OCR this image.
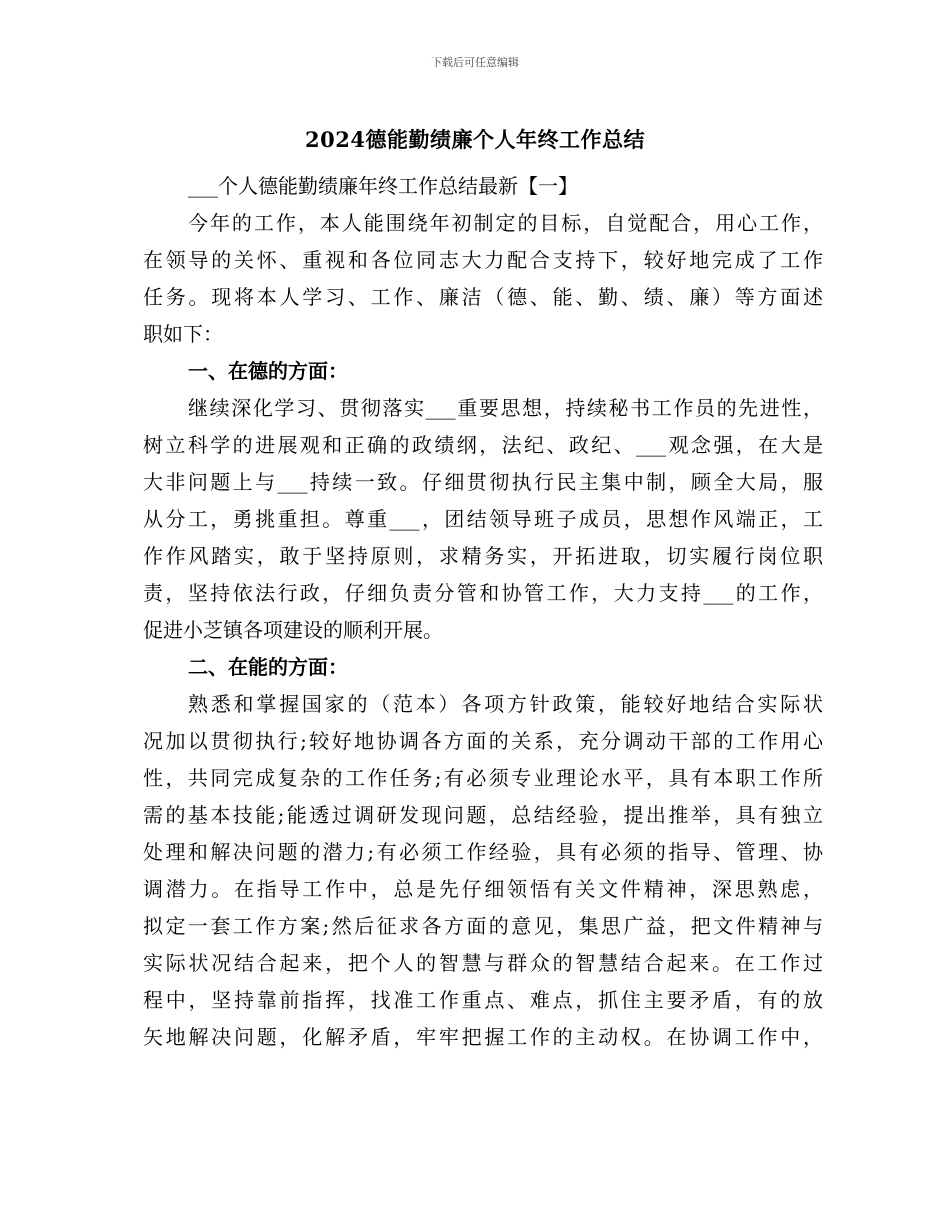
下载后可任意编辑
2024德能勤绩廉个人年终工作总结
___个人德能勤绩廉年终工作总结最新【一】
今年的工作，本人能围绕年初制定的目标，自觉配合，用心工作，
在领导的关怀、重视和各位同志大力配合支持下，较好地完成了工作
任务。现将本人学习、工作、廉洁（德、能、勤、绩、廉）等方面述
职如下：
一、在德的方面：
继续深化学习、贯彻落实___重要思想，持续秘书工作员的先进性，
树立科学的进展观和正确的政绩纲，法纪、政纪、___观念强，在大是
大非问题上与___持续一致。仔细贯彻执行民主集中制，顾全大局，服
从分工，勇挑重担。尊重___，团结领导班子成员，思想作风端正，工
作作风踏实，敢于坚持原则，求精务实，开拓进取，切实履行岗位职
责，坚持依法行政，仔细负责分管和协管工作，大力支持___的工作，
促进小芝镇各项建设的顺利开展。
二、在能的方面：
熟悉和掌握国家的（范本）各项方针政策，能较好地结合实际状
况加以贯彻执行;较好地协调各方面的关系，充分调动干部的工作用心
性，共同完成复杂的工作任务;有必须专业理论水平，具有本职工作所
需的基本技能;能透过调研发现问题，总结经验，提出推举，具有独立
处理和解决问题的潜力;有必须工作经验，具有必须的指导、管理、协
调潜力。在指导工作中，总是先仔细领悟有关文件精神，深思熟虑，
拟定一套工作方案;然后征求各方面的意见，集思广益，把文件精神与
实际状况结合起来，把个人的智慧与群众的智慧结合起来。在工作过
程中，坚持靠前指挥，找准工作重点、难点，抓住主要矛盾，有的放
矢地解决问题，化解矛盾，牢牢把握工作的主动权。在协调工作中，
